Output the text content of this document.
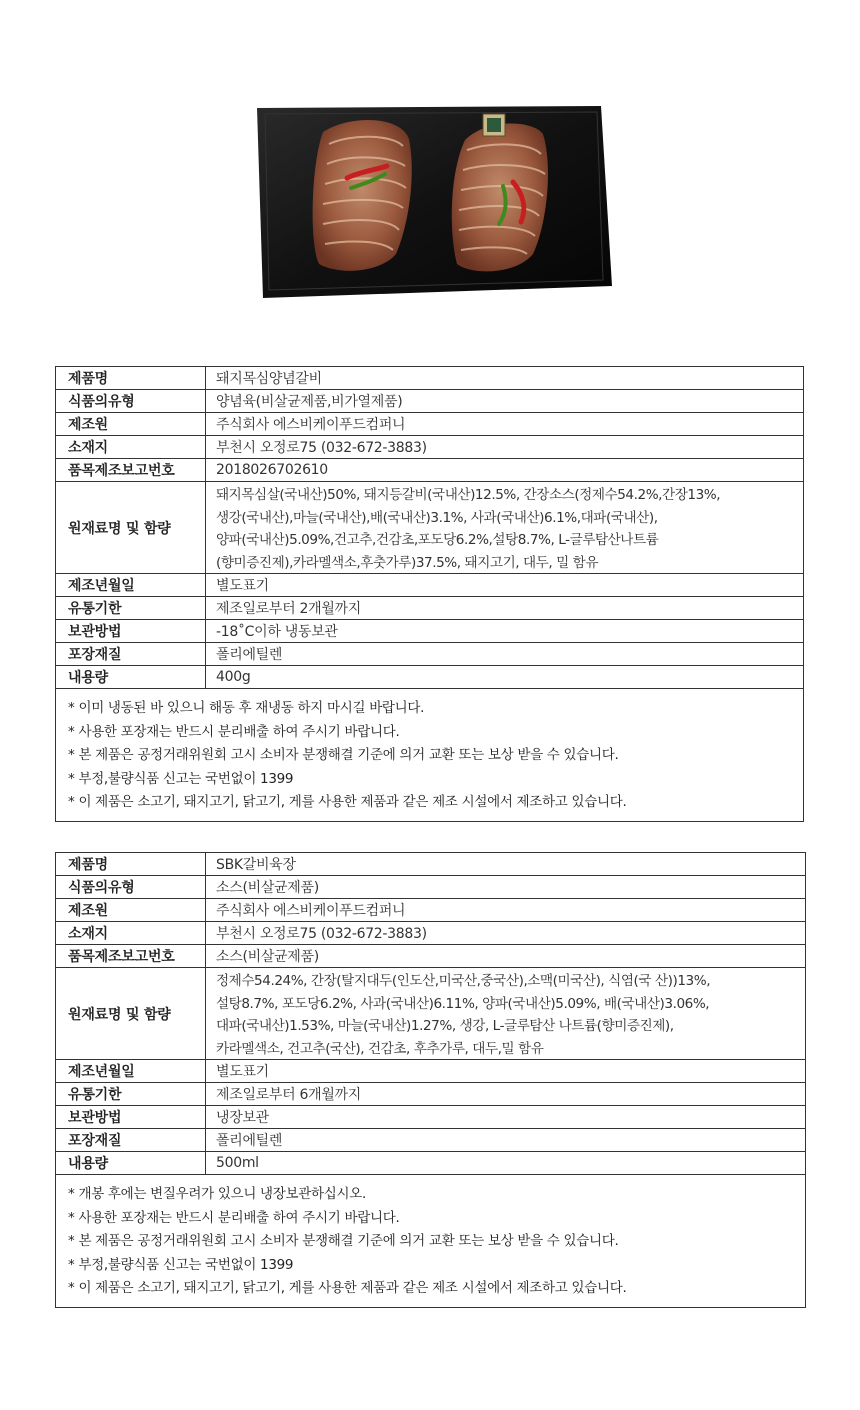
제품명	돼지목심양념갈비
식품의유형	양념육(비살균제품,비가열제품)
제조원	주식회사 에스비케이푸드컴퍼니
소재지	부천시 오정로75 (032-672-3883)
품목제조보고번호	2018026702610
원재료명 및 함량
돼지목심살(국내산)50%, 돼지등갈비(국내산)12.5%, 간장소스(정제수54.2%,간장13%,
생강(국내산),마늘(국내산),배(국내산)3.1%, 사과(국내산)6.1%,대파(국내산),
양파(국내산)5.09%,건고추,건감초,포도당6.2%,설탕8.7%, L-글루탐산나트륨
(향미증진제),카라멜색소,후춧가루)37.5%, 돼지고기, 대두, 밀 함유
제조년월일	별도표기
유통기한	제조일로부터 2개월까지
보관방법	-18˚C이하 냉동보관
포장재질	폴리에틸렌
내용량	400g
* 이미 냉동된 바 있으니 해동 후 재냉동 하지 마시길 바랍니다.
* 사용한 포장재는 반드시 분리배출 하여 주시기 바랍니다.
* 본 제품은 공정거래위원회 고시 소비자 분쟁해결 기준에 의거 교환 또는 보상 받을 수 있습니다.
* 부정,불량식품 신고는 국번없이 1399
* 이 제품은 소고기, 돼지고기, 닭고기, 게를 사용한 제품과 같은 제조 시설에서 제조하고 있습니다.
제품명	SBK갈비육장
식품의유형	소스(비살균제품)
제조원	주식회사 에스비케이푸드컴퍼니
소재지	부천시 오정로75 (032-672-3883)
품목제조보고번호	소스(비살균제품)
원재료명 및 함량
정제수54.24%, 간장(탈지대두(인도산,미국산,중국산),소맥(미국산), 식염(국 산))13%,
설탕8.7%, 포도당6.2%, 사과(국내산)6.11%, 양파(국내산)5.09%, 배(국내산)3.06%,
대파(국내산)1.53%, 마늘(국내산)1.27%, 생강, L-글루탐산 나트륨(향미증진제),
카라멜색소, 건고추(국산), 건감초, 후추가루, 대두,밀 함유
제조년월일	별도표기
유통기한	제조일로부터 6개월까지
보관방법	냉장보관
포장재질	폴리에틸렌
내용량	500ml
* 개봉 후에는 변질우려가 있으니 냉장보관하십시오.
* 사용한 포장재는 반드시 분리배출 하여 주시기 바랍니다.
* 본 제품은 공정거래위원회 고시 소비자 분쟁해결 기준에 의거 교환 또는 보상 받을 수 있습니다.
* 부정,불량식품 신고는 국번없이 1399
* 이 제품은 소고기, 돼지고기, 닭고기, 게를 사용한 제품과 같은 제조 시설에서 제조하고 있습니다.
